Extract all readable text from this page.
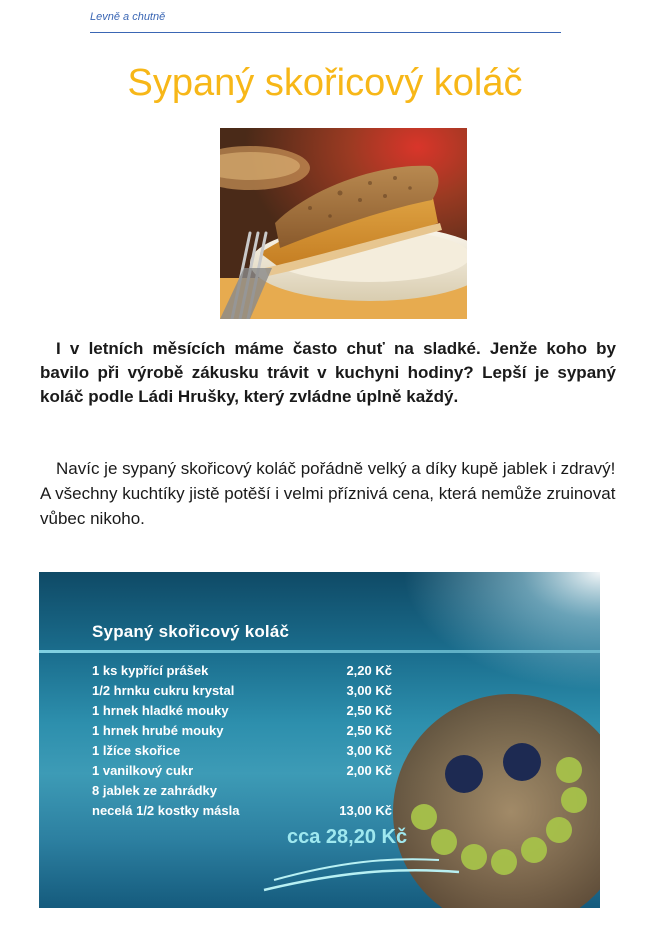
Levně a chutně
Sypaný skořicový koláč

I v letních měsících máme často chuť na sladké. Jenže koho by bavilo při výrobě zákusku trávit v kuchyni hodiny? Lepší je sypaný koláč podle Ládi Hrušky, který zvládne úplně každý.

Navíc je sypaný skořicový koláč pořádně velký a díky kupě jablek i zdravý! A všechny kuchtíky jistě potěší i velmi příznivá cena, která nemůže zruinovat vůbec nikoho.

Sypaný skořicový koláč
1 ks kypřící prášek	2,20 Kč
1/2 hrnku cukru krystal	3,00 Kč
1 hrnek hladké mouky	2,50 Kč
1 hrnek hrubé mouky	2,50 Kč
1 lžíce skořice	3,00 Kč
1 vanilkový cukr	2,00 Kč
8 jablek ze zahrádky
necelá 1/2 kostky másla	13,00 Kč
cca 28,20 Kč
